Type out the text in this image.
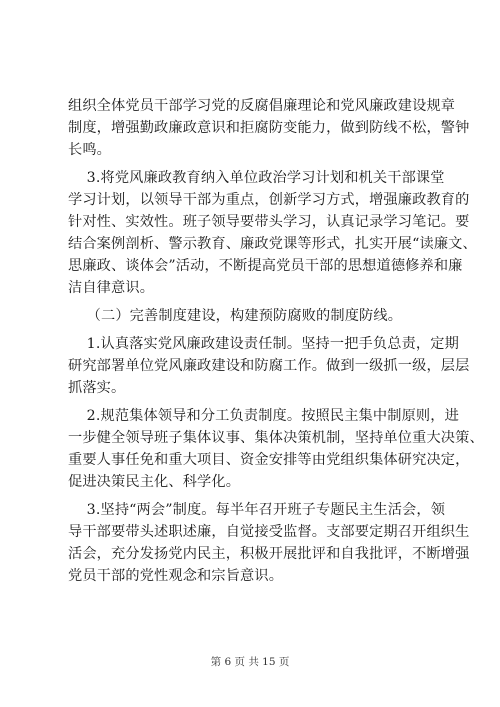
组织全体党员干部学习党的反腐倡廉理论和党风廉政建设规章
制度，增强勤政廉政意识和拒腐防变能力，做到防线不松，警钟
长鸣。

3.将党风廉政教育纳入单位政治学习计划和机关干部课堂
学习计划，以领导干部为重点，创新学习方式，增强廉政教育的
针对性、实效性。班子领导要带头学习，认真记录学习笔记。要
结合案例剖析、警示教育、廉政党课等形式，扎实开展“读廉文、
思廉政、谈体会”活动，不断提高党员干部的思想道德修养和廉
洁自律意识。

（二）完善制度建设，构建预防腐败的制度防线。

1.认真落实党风廉政建设责任制。坚持一把手负总责，定期
研究部署单位党风廉政建设和防腐工作。做到一级抓一级，层层
抓落实。

2.规范集体领导和分工负责制度。按照民主集中制原则，进
一步健全领导班子集体议事、集体决策机制，坚持单位重大决策、
重要人事任免和重大项目、资金安排等由党组织集体研究决定，
促进决策民主化、科学化。

3.坚持“两会”制度。每半年召开班子专题民主生活会，领
导干部要带头述职述廉，自觉接受监督。支部要定期召开组织生
活会，充分发扬党内民主，积极开展批评和自我批评，不断增强
党员干部的党性观念和宗旨意识。

第 6 页 共 15 页
